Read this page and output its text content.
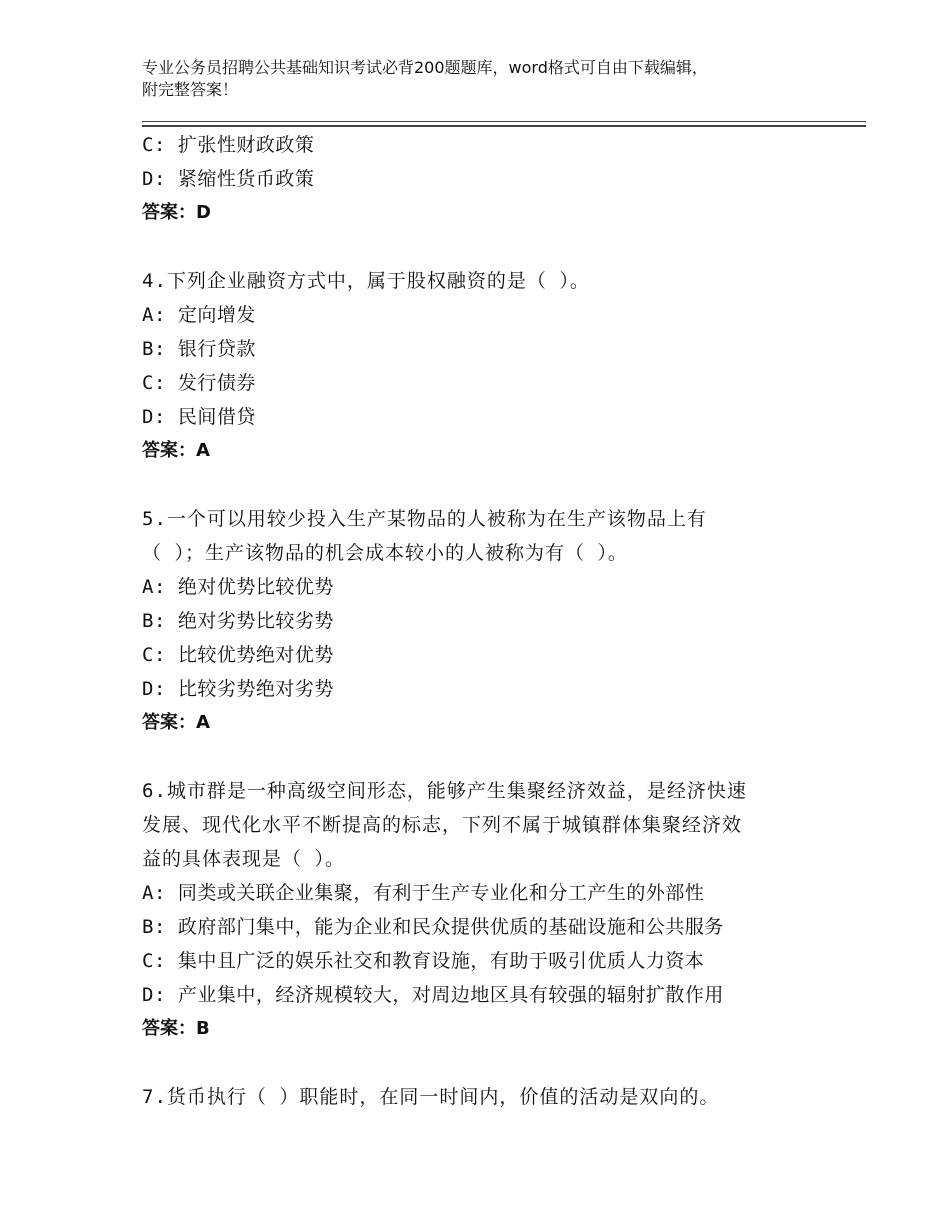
专业公务员招聘公共基础知识考试必背200题题库，word格式可自由下载编辑，
附完整答案！
C: 扩张性财政政策
D: 紧缩性货币政策
答案：D
4.下列企业融资方式中，属于股权融资的是（ ）。
A: 定向增发
B: 银行贷款
C: 发行债券
D: 民间借贷
答案：A
5.一个可以用较少投入生产某物品的人被称为在生产该物品上有
（ ）；生产该物品的机会成本较小的人被称为有（ ）。
A: 绝对优势比较优势
B: 绝对劣势比较劣势
C: 比较优势绝对优势
D: 比较劣势绝对劣势
答案：A
6.城市群是一种高级空间形态，能够产生集聚经济效益，是经济快速
发展、现代化水平不断提高的标志，下列不属于城镇群体集聚经济效
益的具体表现是（ ）。
A: 同类或关联企业集聚，有利于生产专业化和分工产生的外部性
B: 政府部门集中，能为企业和民众提供优质的基础设施和公共服务
C: 集中且广泛的娱乐社交和教育设施，有助于吸引优质人力资本
D: 产业集中，经济规模较大，对周边地区具有较强的辐射扩散作用
答案：B
7.货币执行（ ）职能时，在同一时间内，价值的活动是双向的。
